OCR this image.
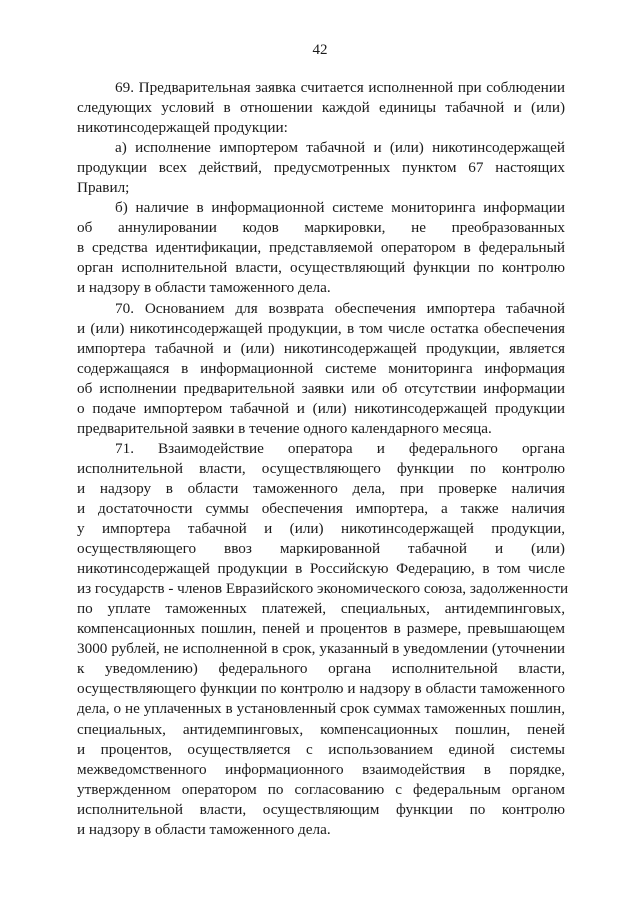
42
69. Предварительная заявка считается исполненной при соблюдении
следующих условий в отношении каждой единицы табачной и (или)
никотинсодержащей продукции:
а) исполнение импортером табачной и (или) никотинсодержащей
продукции всех действий, предусмотренных пунктом 67 настоящих
Правил;
б) наличие в информационной системе мониторинга информации
об аннулировании кодов маркировки, не преобразованных
в средства идентификации, представляемой оператором в федеральный
орган исполнительной власти, осуществляющий функции по контролю
и надзору в области таможенного дела.
70. Основанием для возврата обеспечения импортера табачной
и (или) никотинсодержащей продукции, в том числе остатка обеспечения
импортера табачной и (или) никотинсодержащей продукции, является
содержащаяся в информационной системе мониторинга информация
об исполнении предварительной заявки или об отсутствии информации
о подаче импортером табачной и (или) никотинсодержащей продукции
предварительной заявки в течение одного календарного месяца.
71. Взаимодействие оператора и федерального органа
исполнительной власти, осуществляющего функции по контролю
и надзору в области таможенного дела, при проверке наличия
и достаточности суммы обеспечения импортера, а также наличия
у импортера табачной и (или) никотинсодержащей продукции,
осуществляющего ввоз маркированной табачной и (или)
никотинсодержащей продукции в Российскую Федерацию, в том числе
из государств - членов Евразийского экономического союза, задолженности
по уплате таможенных платежей, специальных, антидемпинговых,
компенсационных пошлин, пеней и процентов в размере, превышающем
3000 рублей, не исполненной в срок, указанный в уведомлении (уточнении
к уведомлению) федерального органа исполнительной власти,
осуществляющего функции по контролю и надзору в области таможенного
дела, о не уплаченных в установленный срок суммах таможенных пошлин,
специальных, антидемпинговых, компенсационных пошлин, пеней
и процентов, осуществляется с использованием единой системы
межведомственного информационного взаимодействия в порядке,
утвержденном оператором по согласованию с федеральным органом
исполнительной власти, осуществляющим функции по контролю
и надзору в области таможенного дела.
